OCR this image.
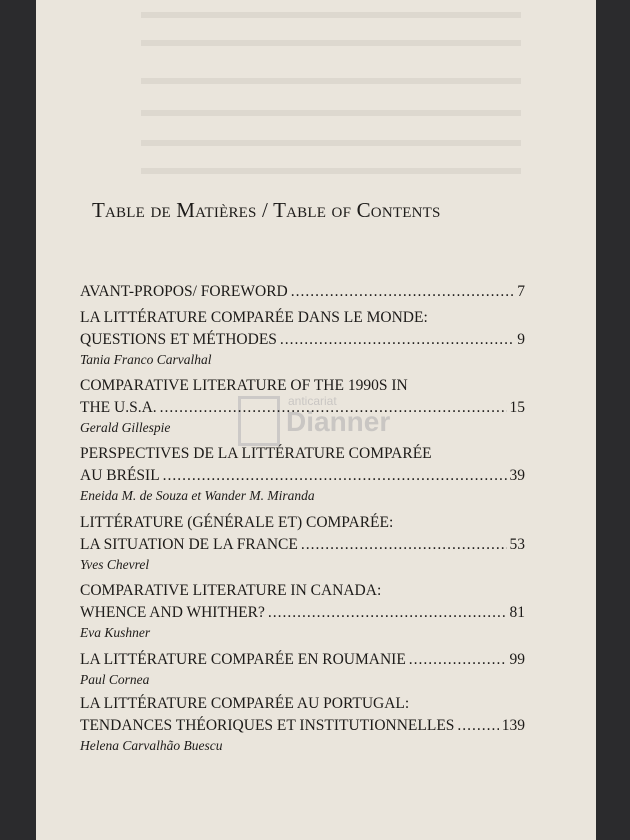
Table de Matières / Table of Contents
anticariat
Dianner
AVANT-PROPOS/ FOREWORD .....	7
LA LITTÉRATURE COMPARÉE DANS LE MONDE:
QUESTIONS ET MÉTHODES .....	9
Tania Franco Carvalhal
COMPARATIVE LITERATURE OF THE 1990S IN
THE U.S.A. .....	15
Gerald Gillespie
PERSPECTIVES DE LA LITTÉRATURE COMPARÉE
AU BRÉSIL .....	39
Eneida M. de Souza et Wander M. Miranda
LITTÉRATURE (GÉNÉRALE ET) COMPARÉE:
LA SITUATION DE LA FRANCE .....	53
Yves Chevrel
COMPARATIVE LITERATURE IN CANADA:
WHENCE AND WHITHER? .....	81
Eva Kushner
LA LITTÉRATURE COMPARÉE EN ROUMANIE .....	99
Paul Cornea
LA LITTÉRATURE COMPARÉE AU PORTUGAL:
TENDANCES THÉORIQUES ET INSTITUTIONNELLES .....	139
Helena Carvalhão Buescu
